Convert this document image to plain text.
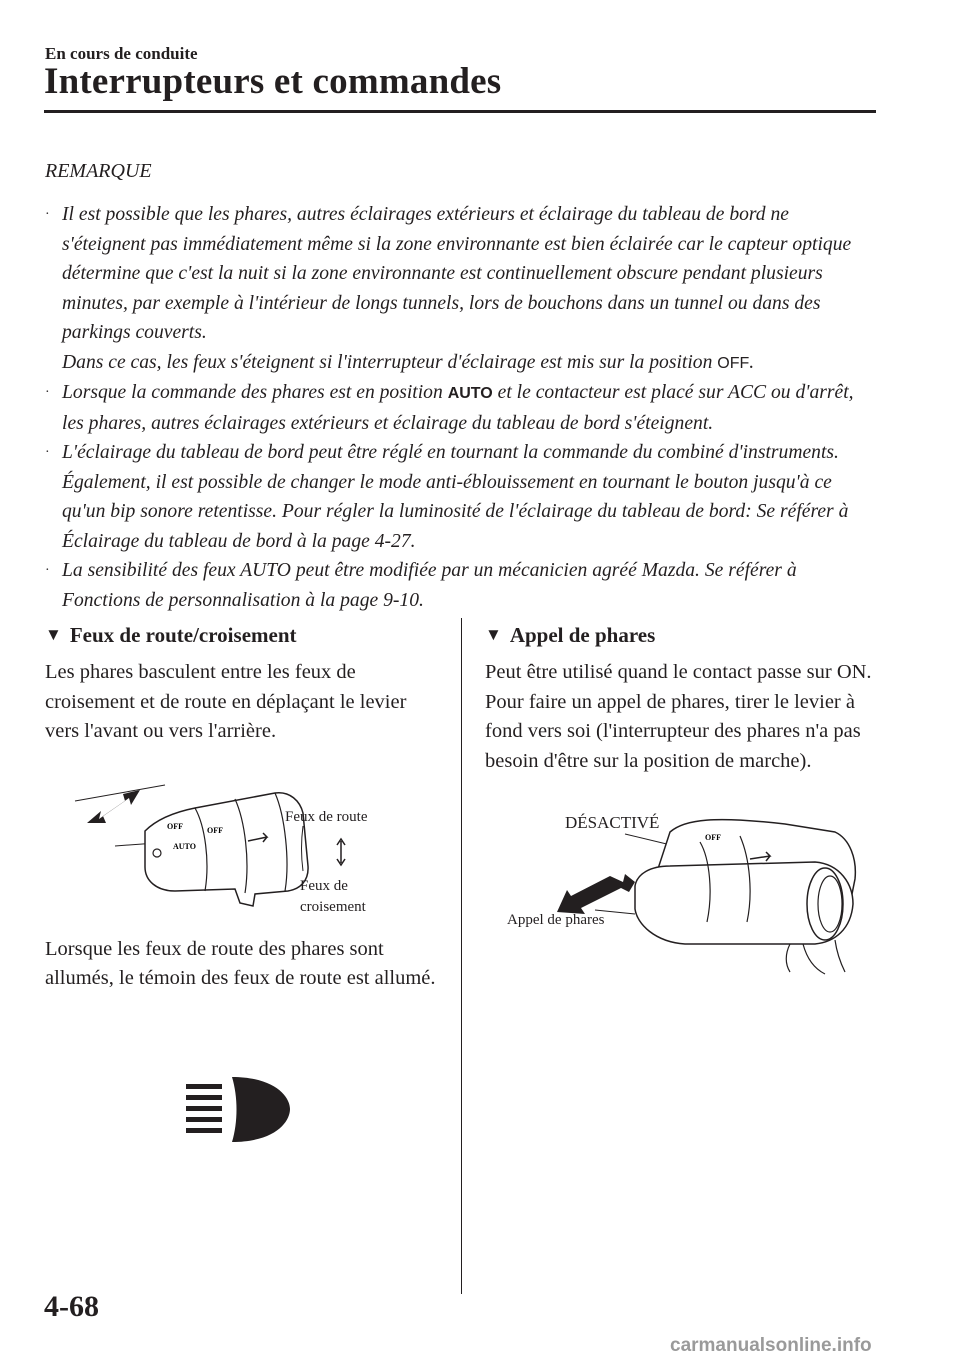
En cours de conduite
Interrupteurs et commandes
REMARQUE
· Il est possible que les phares, autres éclairages extérieurs et éclairage du tableau de bord ne s'éteignent pas immédiatement même si la zone environnante est bien éclairée car le capteur optique détermine que c'est la nuit si la zone environnante est continuellement obscure pendant plusieurs minutes, par exemple à l'intérieur de longs tunnels, lors de bouchons dans un tunnel ou dans des parkings couverts.
Dans ce cas, les feux s'éteignent si l'interrupteur d'éclairage est mis sur la position OFF.
· Lorsque la commande des phares est en position AUTO et le contacteur est placé sur ACC ou d'arrêt, les phares, autres éclairages extérieurs et éclairage du tableau de bord s'éteignent.
· L'éclairage du tableau de bord peut être réglé en tournant la commande du combiné d'instruments. Également, il est possible de changer le mode anti-éblouissement en tournant le bouton jusqu'à ce qu'un bip sonore retentisse. Pour régler la luminosité de l'éclairage du tableau de bord: Se référer à Éclairage du tableau de bord à la page 4-27.
· La sensibilité des feux AUTO peut être modifiée par un mécanicien agréé Mazda. Se référer à Fonctions de personnalisation à la page 9-10.
▼ Feux de route/croisement
Les phares basculent entre les feux de croisement et de route en déplaçant le levier vers l'avant ou vers l'arrière.
OFF
AUTO
OFF
Feux de route
Feux de
croisement
Lorsque les feux de route des phares sont allumés, le témoin des feux de route est allumé.
▼ Appel de phares
Peut être utilisé quand le contact passe sur ON.
Pour faire un appel de phares, tirer le levier à fond vers soi (l'interrupteur des phares n'a pas besoin d'être sur la position de marche).
DÉSACTIVÉ
Appel de phares
OFF
4-68
carmanualsonline.info
